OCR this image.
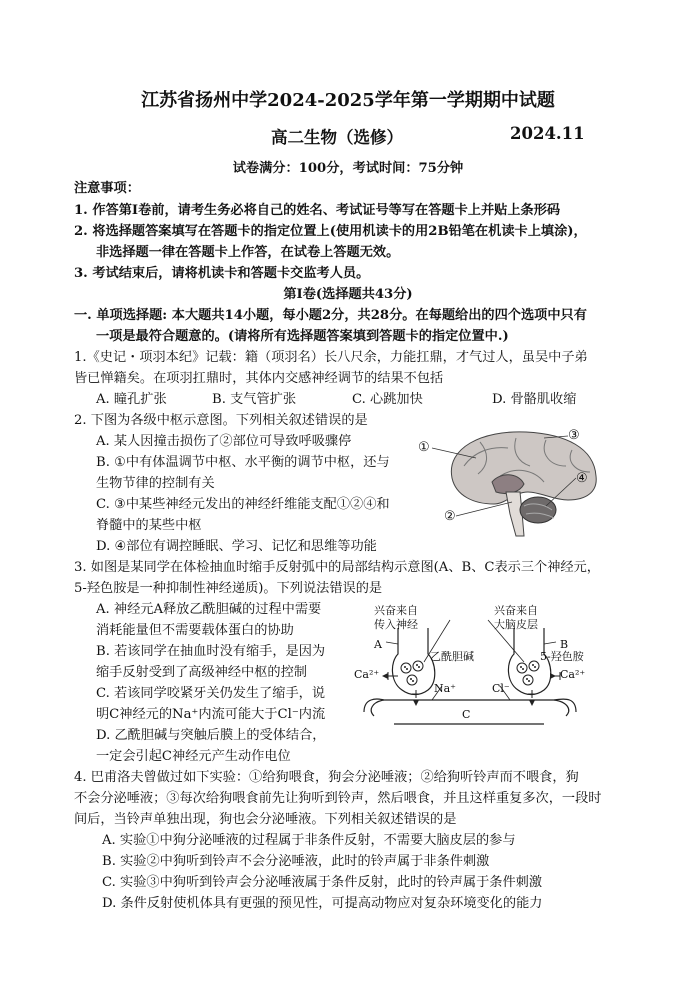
江苏省扬州中学2024-2025学年第一学期期中试题
高二生物（选修）	2024.11
试卷满分：100分，考试时间：75分钟
注意事项：
1. 作答第Ⅰ卷前，请考生务必将自己的姓名、考试证号等写在答题卡上并贴上条形码
2. 将选择题答案填写在答题卡的指定位置上(使用机读卡的用2B铅笔在机读卡上填涂)，
非选择题一律在答题卡上作答，在试卷上答题无效。
3. 考试结束后，请将机读卡和答题卡交监考人员。
第Ⅰ卷(选择题共43分)
一. 单项选择题: 本大题共14小题，每小题2分，共28分。在每题给出的四个选项中只有
一项是最符合题意的。(请将所有选择题答案填到答题卡的指定位置中.)
1.《史记・项羽本纪》记载：籍（项羽名）长八尺余，力能扛鼎，才气过人，虽吴中子弟
皆已惮籍矣。在项羽扛鼎时，其体内交感神经调节的结果不包括
A. 瞳孔扩张	B. 支气管扩张	C. 心跳加快	D. 骨骼肌收缩
2. 下图为各级中枢示意图。下列相关叙述错误的是
A. 某人因撞击损伤了②部位可导致呼吸骤停
B. ①中有体温调节中枢、水平衡的调节中枢，还与
生物节律的控制有关
C. ③中某些神经元发出的神经纤维能支配①②④和
脊髓中的某些中枢
D. ④部位有调控睡眠、学习、记忆和思维等功能
①
②
③
④
3. 如图是某同学在体检抽血时缩手反射弧中的局部结构示意图(A、B、C表示三个神经元，
5-羟色胺是一种抑制性神经递质)。下列说法错误的是
A. 神经元A释放乙酰胆碱的过程中需要
消耗能量但不需要载体蛋白的协助
B. 若该同学在抽血时没有缩手，是因为
缩手反射受到了高级神经中枢的控制
C. 若该同学咬紧牙关仍发生了缩手，说
明C神经元的Na⁺内流可能大于Cl⁻内流
D. 乙酰胆碱与突触后膜上的受体结合，
一定会引起C神经元产生动作电位
兴奋来自
传入神经
兴奋来自
大脑皮层
A	B
C
乙酰胆碱	5-羟色胺
Ca²⁺	Ca²⁺
Na⁺	Cl⁻
4. 巴甫洛夫曾做过如下实验：①给狗喂食，狗会分泌唾液；②给狗听铃声而不喂食，狗
不会分泌唾液；③每次给狗喂食前先让狗听到铃声，然后喂食，并且这样重复多次，一段时
间后，当铃声单独出现，狗也会分泌唾液。下列相关叙述错误的是
A. 实验①中狗分泌唾液的过程属于非条件反射，不需要大脑皮层的参与
B. 实验②中狗听到铃声不会分泌唾液，此时的铃声属于非条件刺激
C. 实验③中狗听到铃声会分泌唾液属于条件反射，此时的铃声属于条件刺激
D. 条件反射使机体具有更强的预见性，可提高动物应对复杂环境变化的能力
